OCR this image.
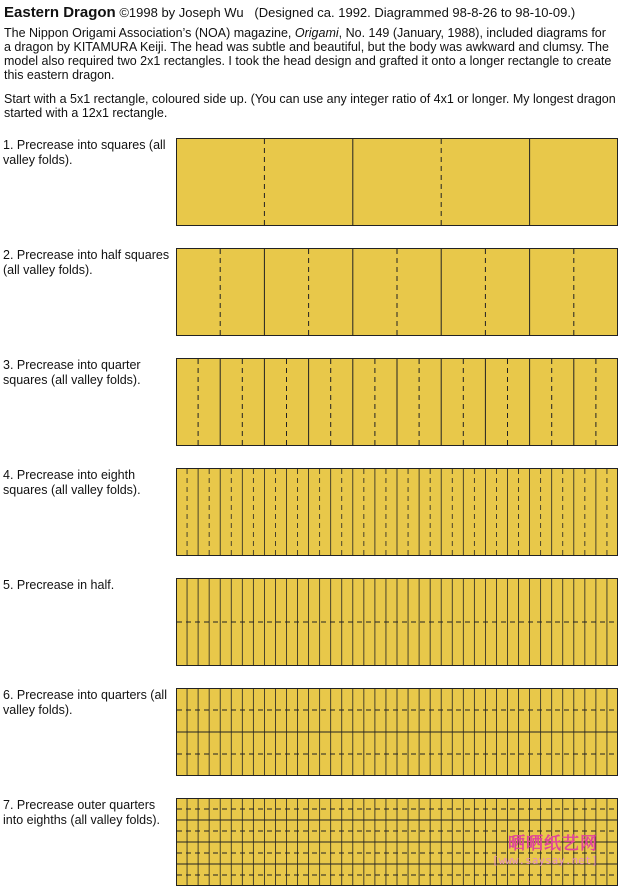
Eastern Dragon ©1998 by Joseph Wu (Designed ca. 1992. Diagrammed 98-8-26 to 98-10-09.)
The Nippon Origami Association’s (NOA) magazine, Origami, No. 149 (January, 1988), included diagrams for a dragon by KITAMURA Keiji. The head was subtle and beautiful, but the body was awkward and clumsy. The model also required two 2x1 rectangles. I took the head design and grafted it onto a longer rectangle to create this eastern dragon.
Start with a 5x1 rectangle, coloured side up. (You can use any integer ratio of 4x1 or longer. My longest dragon started with a 12x1 rectangle.
1. Precrease into squares (all valley folds).
2. Precrease into half squares (all valley folds).
3. Precrease into quarter squares (all valley folds).
4. Precrease into eighth squares (all valley folds).
5. Precrease in half.
6. Precrease into quarters (all valley folds).
7. Precrease outer quarters into eighths (all valley folds).
晒晒纸艺网
[www.saysay.net]
